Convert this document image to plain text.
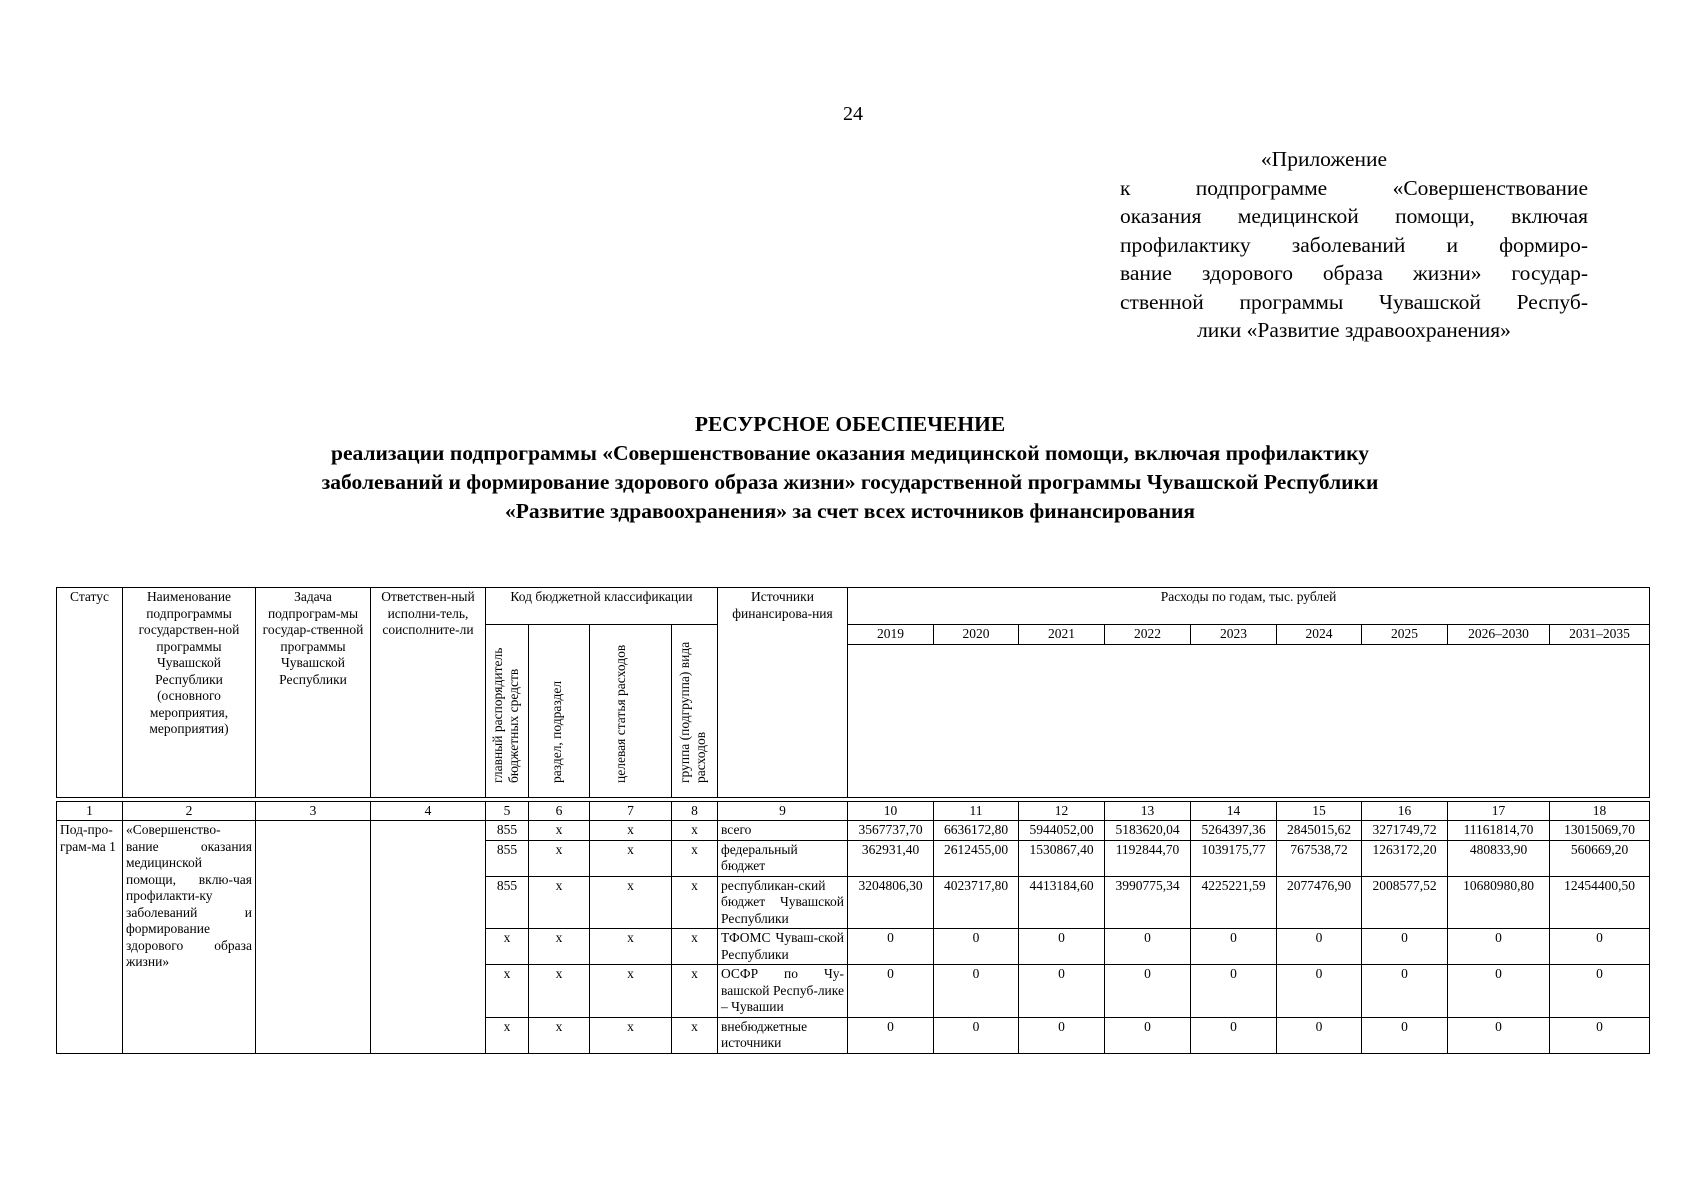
24
«Приложение
к подпрограмме «Совершенствование
оказания медицинской помощи, включая
профилактику заболеваний и формиро-
вание здорового образа жизни» государ-
ственной программы Чувашской Респуб-
лики «Развитие здравоохранения»
РЕСУРСНОЕ ОБЕСПЕЧЕНИЕ
реализации подпрограммы «Совершенствование оказания медицинской помощи, включая профилактику
заболеваний и формирование здорового образа жизни» государственной программы Чувашской Республики
«Развитие здравоохранения» за счет всех источников финансирования
Статус	Наименование подпрограммы государствен-ной программы Чувашской Республики (основного мероприятия, мероприятия)	Задача подпрограм-мы государ-ственной программы Чувашской Республики	Ответствен-ный исполни-тель, соисполните-ли	Код бюджетной классификации				Источники финансирова-ния	Расходы по годам, тыс. рублей								

				главный распорядитель бюджетных средств	раздел, подраздел	целевая статья расходов	группа (подгруппа) вида расходов		2019	2020	2021	2022	2023	2024	2025	2026–2030	2031–2035

1	2	3	4	5	6	7	8	9	10	11	12	13	14	15	16	17	18
Под-про-грам-ма 1	«Совершенство-вание оказания медицинской помощи, вклю-чая профилакти-ку заболеваний и формирование здорового образа жизни»			855	x	x	x	всего	3567737,70	6636172,80	5944052,00	5183620,04	5264397,36	2845015,62	3271749,72	11161814,70	13015069,70
				855	x	x	x	федеральный бюджет	362931,40	2612455,00	1530867,40	1192844,70	1039175,77	767538,72	1263172,20	480833,90	560669,20
				855	x	x	x	республикан-ский бюджет Чувашской Республики	3204806,30	4023717,80	4413184,60	3990775,34	4225221,59	2077476,90	2008577,52	10680980,80	12454400,50
				x	x	x	x	ТФОМС Чуваш-ской Республики	0	0	0	0	0	0	0	0	0
				x	x	x	x	ОСФР по Чу-вашской Респуб-лике – Чувашии	0	0	0	0	0	0	0	0	0
				x	x	x	x	внебюджетные источники	0	0	0	0	0	0	0	0	0
